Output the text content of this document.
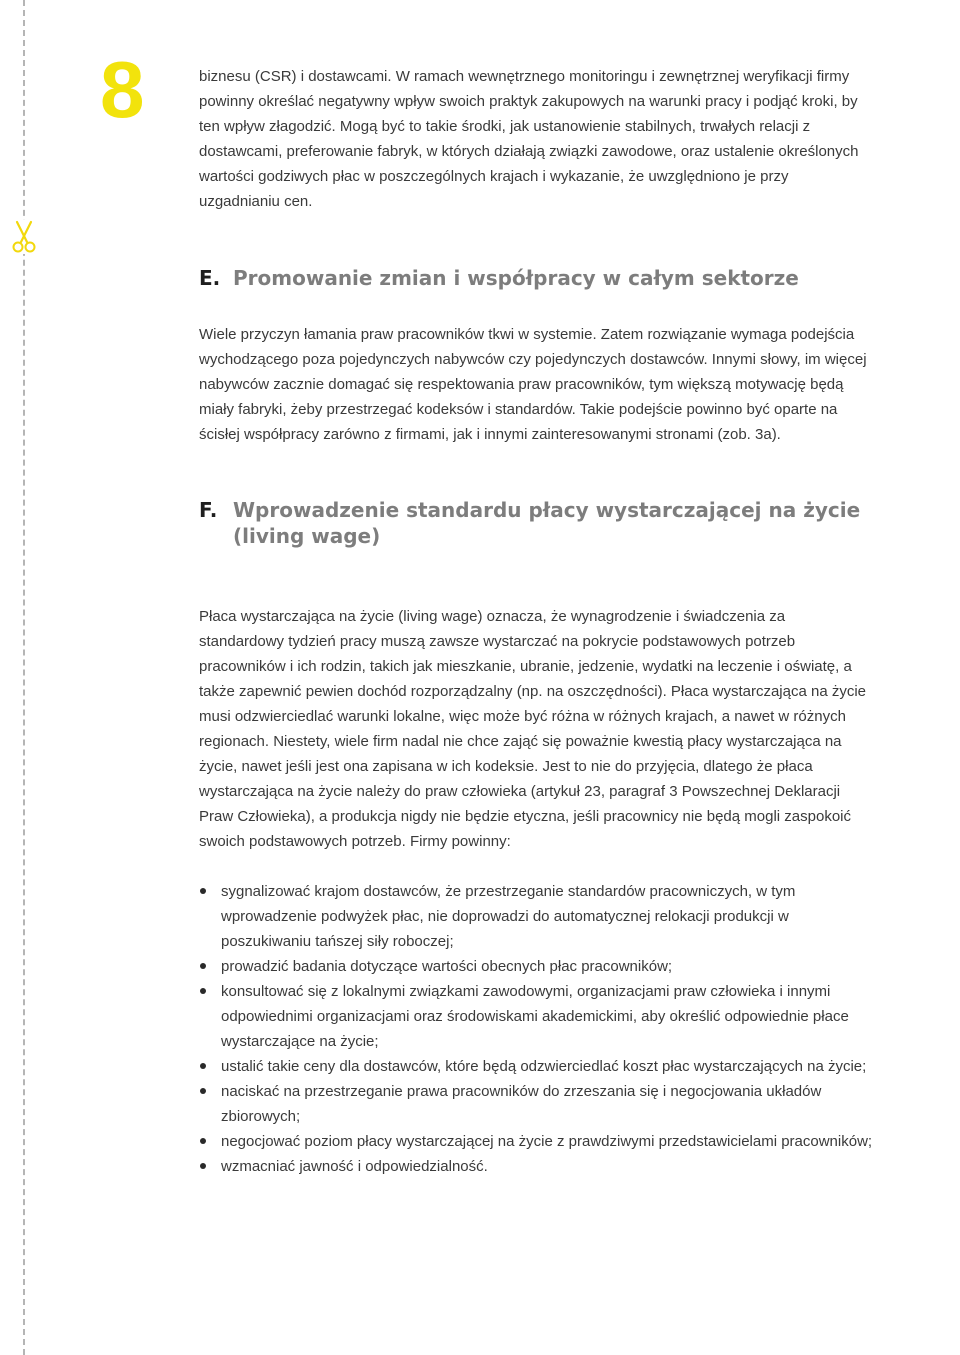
8	biznesu (CSR) i dostawcami. W ramach wewnętrznego monitoringu i zewnętrznej weryfikacji firmy powinny określać negatywny wpływ swoich praktyk zakupowych na warunki pracy i podjąć kroki, by ten wpływ złagodzić. Mogą być to takie środki, jak ustanowienie stabilnych, trwałych relacji z dostawcami, preferowanie fabryk, w których działają związki zawodowe, oraz ustalenie określonych wartości godziwych płac w poszczególnych krajach i wykazanie, że uwzględniono je przy uzgadnianiu cen.

E. Promowanie zmian i współpracy w całym sektorze

Wiele przyczyn łamania praw pracowników tkwi w systemie. Zatem rozwiązanie wymaga podejścia wychodzącego poza pojedynczych nabywców czy pojedynczych dostawców. Innymi słowy, im więcej nabywców zacznie domagać się respektowania praw pracowników, tym większą motywację będą miały fabryki, żeby przestrzegać kodeksów i standardów. Takie podejście powinno być oparte na ścisłej współpracy zarówno z firmami, jak i innymi zainteresowanymi stronami (zob. 3a).

F. Wprowadzenie standardu płacy wystarczającej na życie (living wage)

Płaca wystarczająca na życie (living wage) oznacza, że wynagrodzenie i świadczenia za standardowy tydzień pracy muszą zawsze wystarczać na pokrycie podstawowych potrzeb pracowników i ich rodzin, takich jak mieszkanie, ubranie, jedzenie, wydatki na leczenie i oświatę, a także zapewnić pewien dochód rozporządzalny (np. na oszczędności). Płaca wystarczająca na życie musi odzwierciedlać warunki lokalne, więc może być różna w różnych krajach, a nawet w różnych regionach. Niestety, wiele firm nadal nie chce zająć się poważnie kwestią płacy wystarczająca na życie, nawet jeśli jest ona zapisana w ich kodeksie. Jest to nie do przyjęcia, dlatego że płaca wystarczająca na życie należy do praw człowieka (artykuł 23, paragraf 3 Powszechnej Deklaracji Praw Człowieka), a produkcja nigdy nie będzie etyczna, jeśli pracownicy nie będą mogli zaspokoić swoich podstawowych potrzeb. Firmy powinny:

sygnalizować krajom dostawców, że przestrzeganie standardów pracowniczych, w tym wprowadzenie podwyżek płac, nie doprowadzi do automatycznej relokacji produkcji w poszukiwaniu tańszej siły roboczej;
prowadzić badania dotyczące wartości obecnych płac pracowników;
konsultować się z lokalnymi związkami zawodowymi, organizacjami praw człowieka i innymi odpowiednimi organizacjami oraz środowiskami akademickimi, aby określić odpowiednie płace wystarczające na życie;
ustalić takie ceny dla dostawców, które będą odzwierciedlać koszt płac wystarczających na życie;
naciskać na przestrzeganie prawa pracowników do zrzeszania się i negocjowania układów zbiorowych;
negocjować poziom płacy wystarczającej na życie z prawdziwymi przedstawicielami pracowników;
wzmacniać jawność i odpowiedzialność.
